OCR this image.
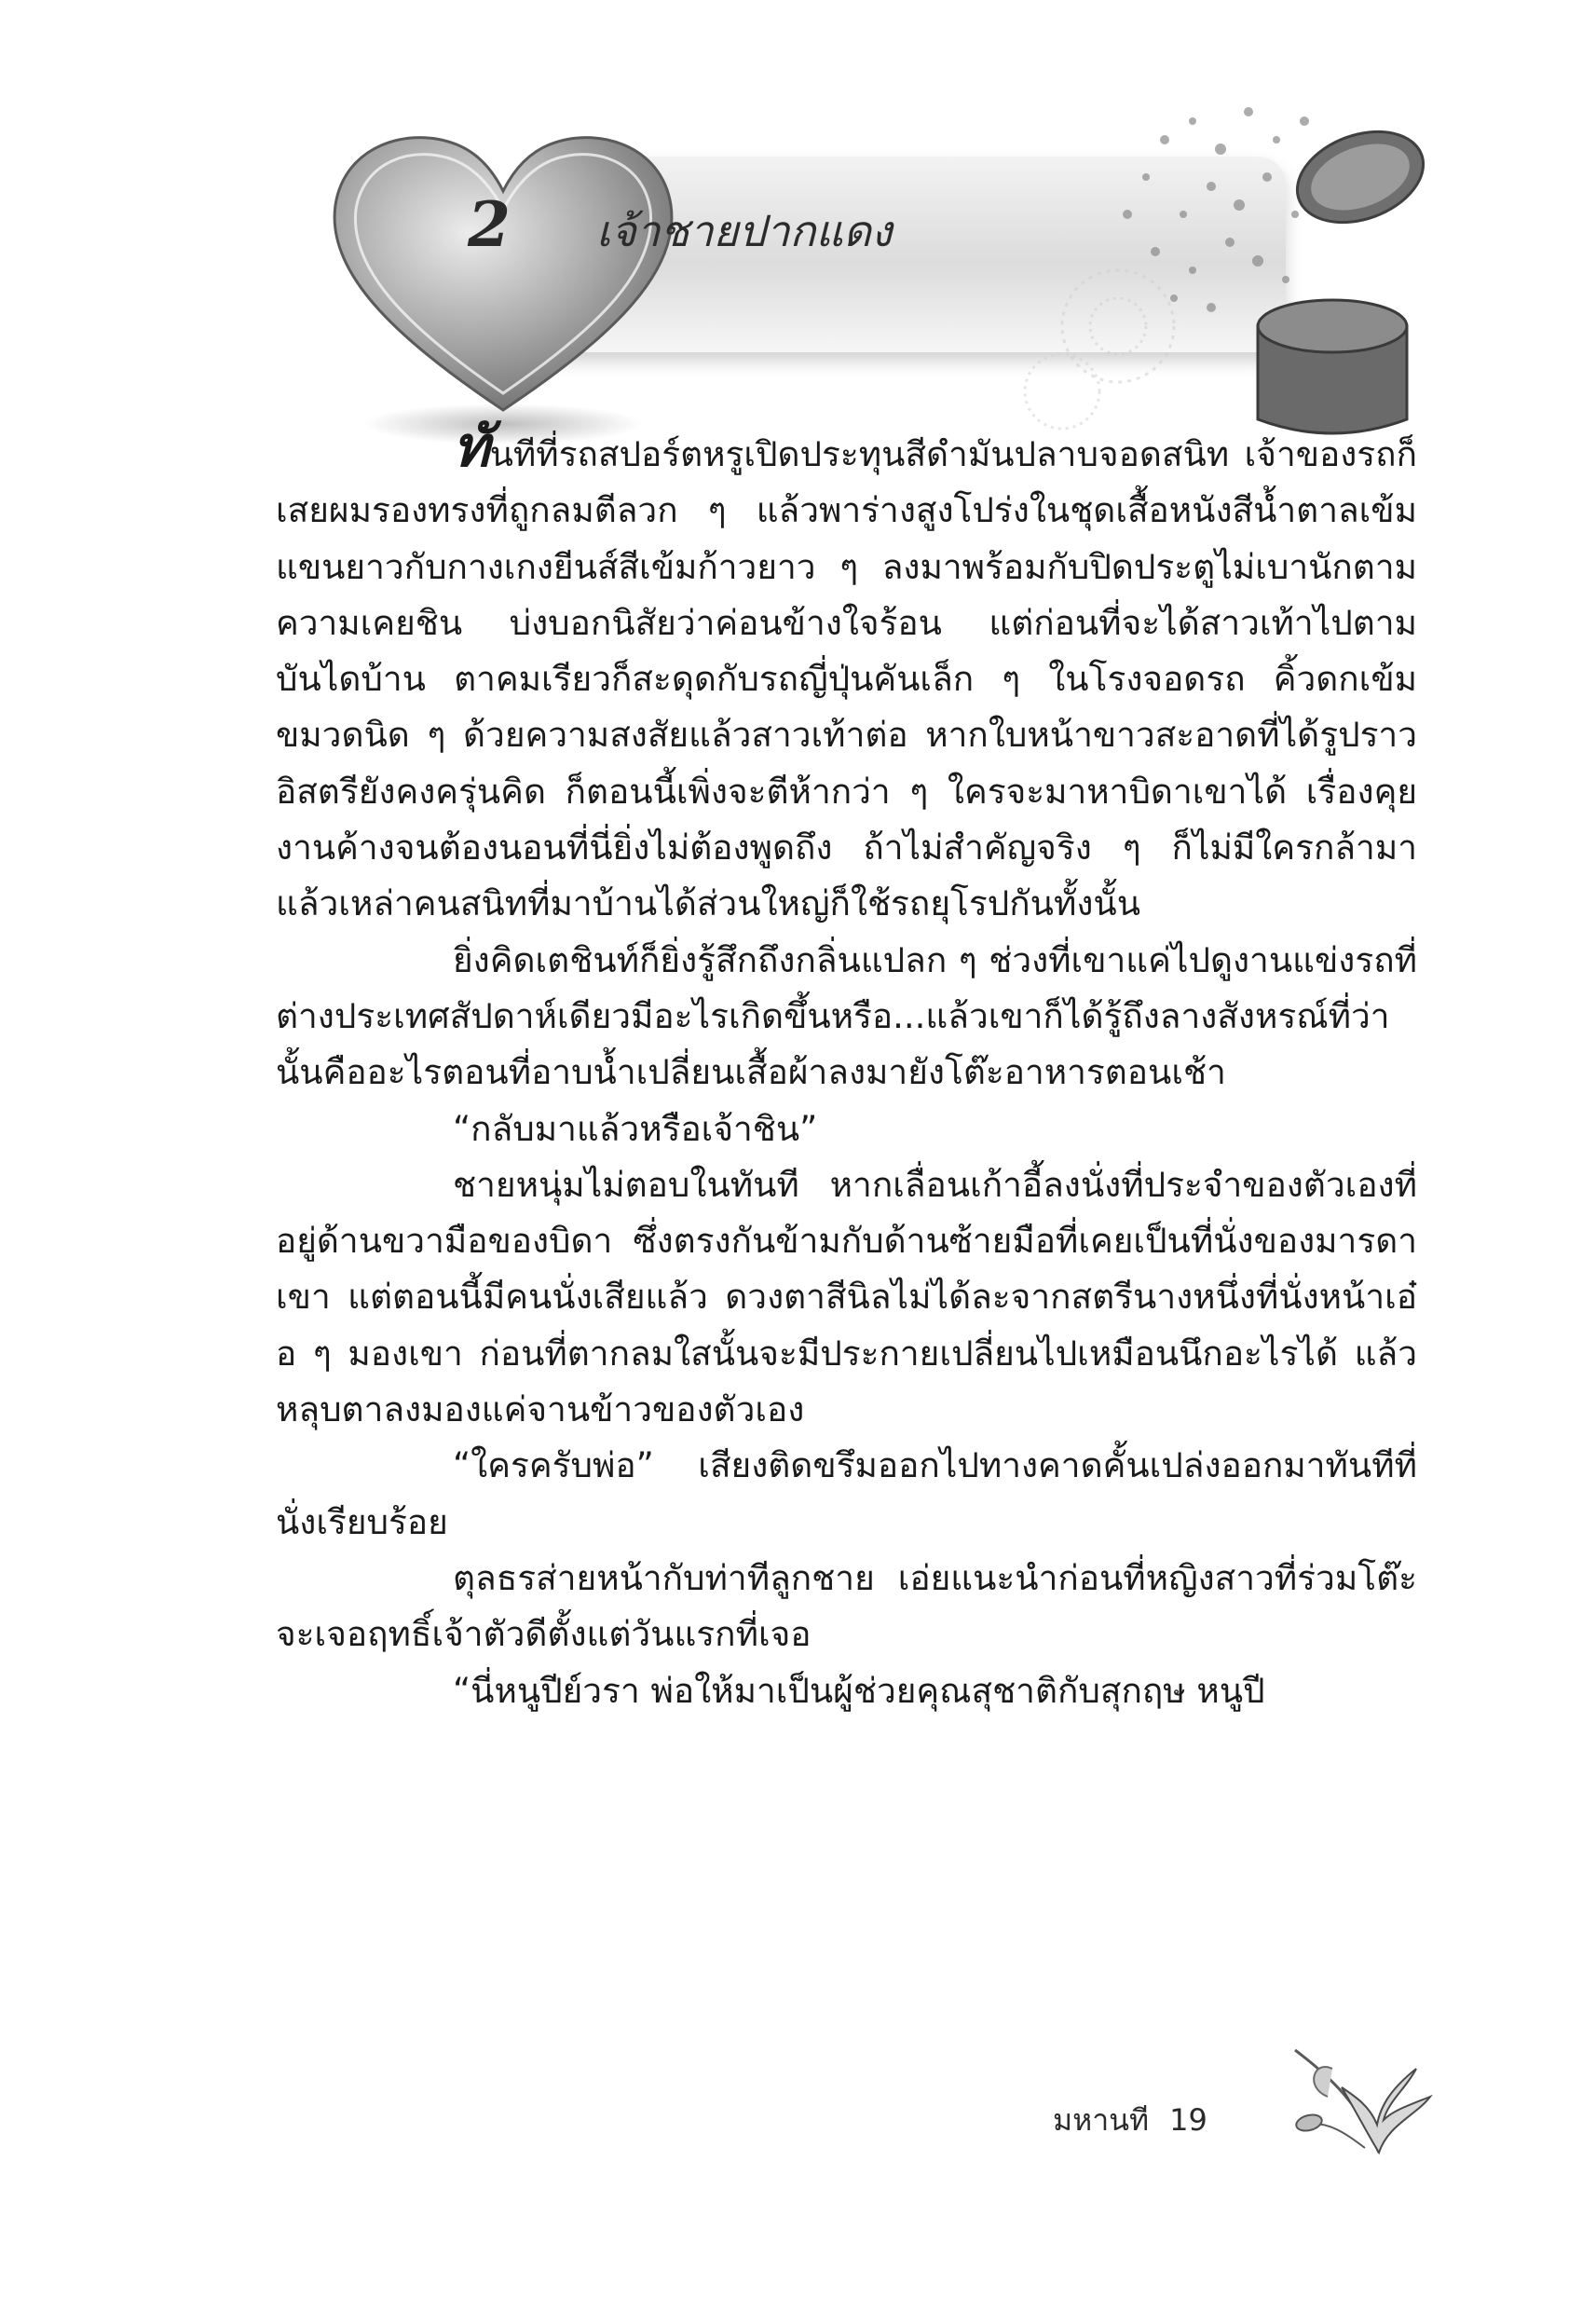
2	เจ้าชายปากแดง

ทันทีที่รถสปอร์ตหรูเปิดประทุนสีดำมันปลาบจอดสนิท เจ้าของรถก็เสยผมรองทรงที่ถูกลมตีลวก ๆ แล้วพาร่างสูงโปร่งในชุดเสื้อหนังสีน้ำตาลเข้มแขนยาวกับกางเกงยีนส์สีเข้มก้าวยาว ๆ ลงมาพร้อมกับปิดประตูไม่เบานักตามความเคยชิน บ่งบอกนิสัยว่าค่อนข้างใจร้อน แต่ก่อนที่จะได้สาวเท้าไปตามบันไดบ้าน ตาคมเรียวก็สะดุดกับรถญี่ปุ่นคันเล็ก ๆ ในโรงจอดรถ คิ้วดกเข้มขมวดนิด ๆ ด้วยความสงสัยแล้วสาวเท้าต่อ หากใบหน้าขาวสะอาดที่ได้รูปราวอิสตรียังคงครุ่นคิด ก็ตอนนี้เพิ่งจะตีห้ากว่า ๆ ใครจะมาหาบิดาเขาได้ เรื่องคุยงานค้างจนต้องนอนที่นี่ยิ่งไม่ต้องพูดถึง ถ้าไม่สำคัญจริง ๆ ก็ไม่มีใครกล้ามา แล้วเหล่าคนสนิทที่มาบ้านได้ส่วนใหญ่ก็ใช้รถยุโรปกันทั้งนั้น

ยิ่งคิดเตชินท์ก็ยิ่งรู้สึกถึงกลิ่นแปลก ๆ ช่วงที่เขาแค่ไปดูงานแข่งรถที่ต่างประเทศสัปดาห์เดียวมีอะไรเกิดขึ้นหรือ...แล้วเขาก็ได้รู้ถึงลางสังหรณ์ที่ว่านั้นคืออะไรตอนที่อาบน้ำเปลี่ยนเสื้อผ้าลงมายังโต๊ะอาหารตอนเช้า

“กลับมาแล้วหรือเจ้าชิน”

ชายหนุ่มไม่ตอบในทันที หากเลื่อนเก้าอี้ลงนั่งที่ประจำของตัวเองที่อยู่ด้านขวามือของบิดา ซึ่งตรงกันข้ามกับด้านซ้ายมือที่เคยเป็นที่นั่งของมารดาเขา แต่ตอนนี้มีคนนั่งเสียแล้ว ดวงตาสีนิลไม่ได้ละจากสตรีนางหนึ่งที่นั่งหน้าเอ๋อ ๆ มองเขา ก่อนที่ตากลมใสนั้นจะมีประกายเปลี่ยนไปเหมือนนึกอะไรได้ แล้วหลุบตาลงมองแค่จานข้าวของตัวเอง

“ใครครับพ่อ” เสียงติดขรึมออกไปทางคาดคั้นเปล่งออกมาทันทีที่นั่งเรียบร้อย

ตุลธรส่ายหน้ากับท่าทีลูกชาย เอ่ยแนะนำก่อนที่หญิงสาวที่ร่วมโต๊ะจะเจอฤทธิ์เจ้าตัวดีตั้งแต่วันแรกที่เจอ

“นี่หนูปีย์วรา พ่อให้มาเป็นผู้ช่วยคุณสุชาติกับสุกฤษ หนูปี

มหานที 19
